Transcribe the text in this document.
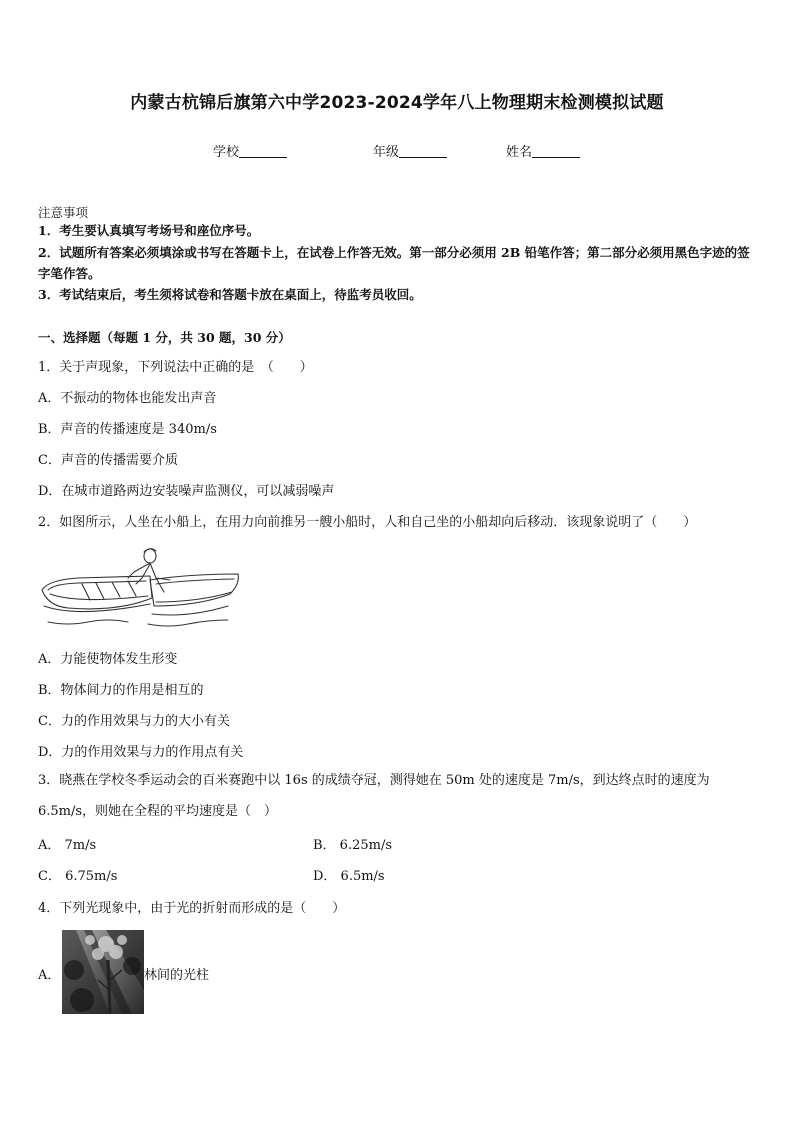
内蒙古杭锦后旗第六中学2023-2024学年八上物理期末检测模拟试题
学校	年级	姓名
注意事项
1．考生要认真填写考场号和座位序号。
2．试题所有答案必须填涂或书写在答题卡上，在试卷上作答无效。第一部分必须用 2B 铅笔作答；第二部分必须用黑色字迹的签字笔作答。
3．考试结束后，考生须将试卷和答题卡放在桌面上，待监考员收回。
一、选择题（每题 1 分，共 30 题，30 分）
1．关于声现象，下列说法中正确的是　（　　）
A．不振动的物体也能发出声音
B．声音的传播速度是 340m/s
C．声音的传播需要介质
D．在城市道路两边安装噪声监测仪，可以减弱噪声
2．如图所示，人坐在小船上，在用力向前推另一艘小船时，人和自己坐的小船却向后移动．该现象说明了（　　）
A．力能使物体发生形变
B．物体间力的作用是相互的
C．力的作用效果与力的大小有关
D．力的作用效果与力的作用点有关
3．晓燕在学校冬季运动会的百米赛跑中以 16s 的成绩夺冠，测得她在 50m 处的速度是 7m/s，到达终点时的速度为 6.5m/s，则她在全程的平均速度是（　）
A． 7m/s	B． 6.25m/s
C． 6.75m/s	D． 6.5m/s
4．下列光现象中，由于光的折射而形成的是（　　）
A．	林间的光柱
